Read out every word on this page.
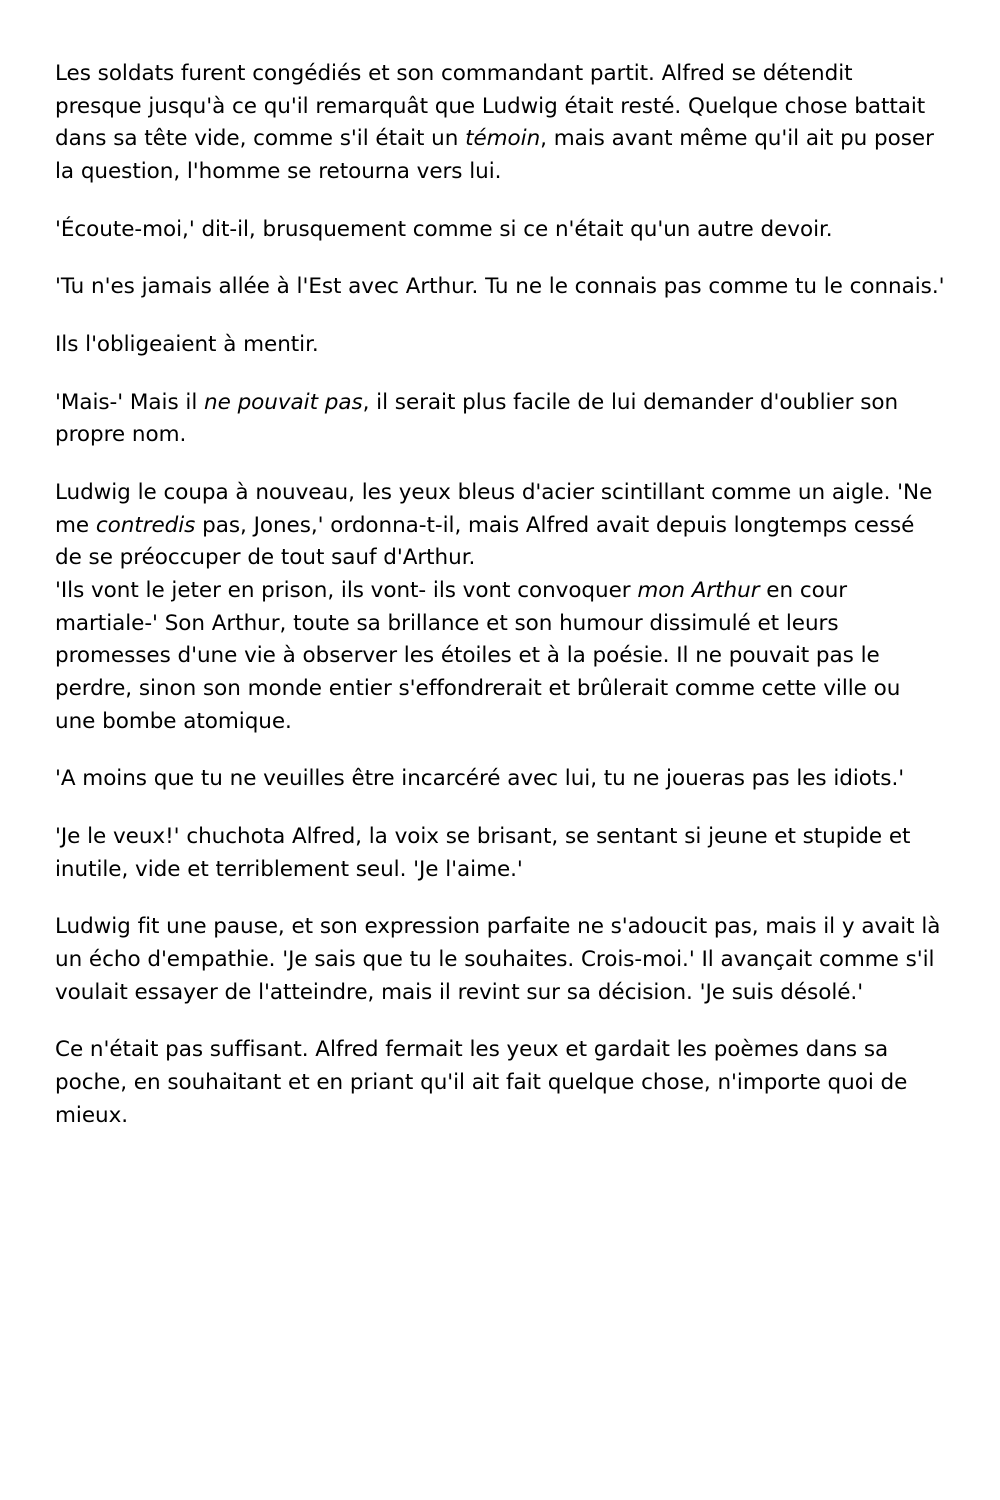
Les soldats furent congédiés et son commandant partit. Alfred se détendit presque jusqu'à ce qu'il remarquât que Ludwig était resté. Quelque chose battait dans sa tête vide, comme s'il était un témoin, mais avant même qu'il ait pu poser la question, l'homme se retourna vers lui.

'Écoute-moi,' dit-il, brusquement comme si ce n'était qu'un autre devoir.

'Tu n'es jamais allée à l'Est avec Arthur. Tu ne le connais pas comme tu le connais.'

Ils l'obligeaient à mentir.

'Mais-' Mais il ne pouvait pas, il serait plus facile de lui demander d'oublier son propre nom.

Ludwig le coupa à nouveau, les yeux bleus d'acier scintillant comme un aigle. 'Ne me contredis pas, Jones,' ordonna-t-il, mais Alfred avait depuis longtemps cessé de se préoccuper de tout sauf d'Arthur.

'Ils vont le jeter en prison, ils vont- ils vont convoquer mon Arthur en cour martiale-' Son Arthur, toute sa brillance et son humour dissimulé et leurs promesses d'une vie à observer les étoiles et à la poésie. Il ne pouvait pas le perdre, sinon son monde entier s'effondrerait et brûlerait comme cette ville ou une bombe atomique.

'A moins que tu ne veuilles être incarcéré avec lui, tu ne joueras pas les idiots.'

'Je le veux!' chuchota Alfred, la voix se brisant, se sentant si jeune et stupide et inutile, vide et terriblement seul. 'Je l'aime.'

Ludwig fit une pause, et son expression parfaite ne s'adoucit pas, mais il y avait là un écho d'empathie. 'Je sais que tu le souhaites. Crois-moi.' Il avançait comme s'il voulait essayer de l'atteindre, mais il revint sur sa décision. 'Je suis désolé.'

Ce n'était pas suffisant. Alfred fermait les yeux et gardait les poèmes dans sa poche, en souhaitant et en priant qu'il ait fait quelque chose, n'importe quoi de mieux.
